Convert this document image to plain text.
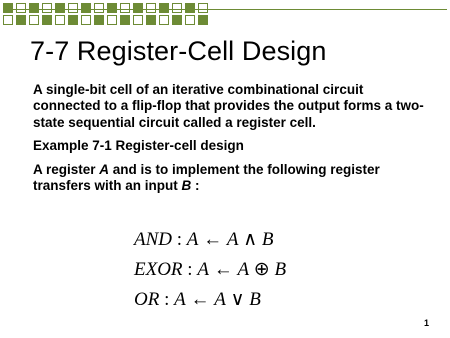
7-7 Register-Cell Design

A single-bit cell of an iterative combinational circuit connected to a flip-flop that provides the output forms a two-state sequential circuit called a register cell.

Example 7-1 Register-cell design

A register A and is to implement the following register transfers with an input B :

AND : A ← A ∧ B
EXOR : A ← A ⊕ B
OR : A ← A ∨ B
1
